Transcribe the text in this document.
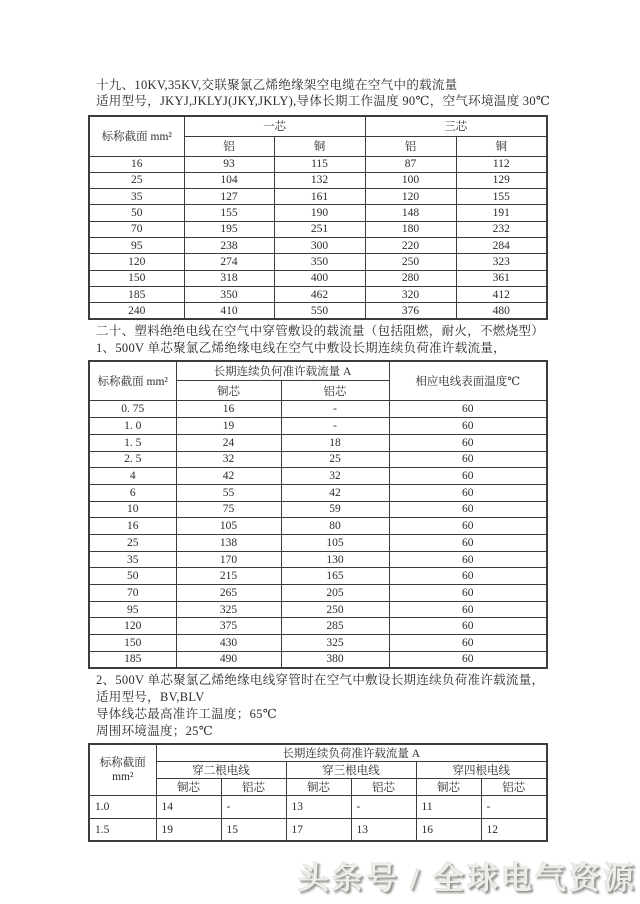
十九、10KV,35KV,交联聚氯乙烯绝缘架空电缆在空气中的载流量

适用型号，JKYJ,JKLYJ(JKY,JKLY),导体长期工作温度 90℃，空气环境温度 30℃

标称截面 mm²	一芯		三芯	
	铝	铜	铝	铜
16	93	115	87	112
25	104	132	100	129
35	127	161	120	155
50	155	190	148	191
70	195	251	180	232
95	238	300	220	284
120	274	350	250	323
150	318	400	280	361
185	350	462	320	412
240	410	550	376	480

二十、塑料绝绝电线在空气中穿管敷设的载流量（包括阻燃，耐火，不燃烧型）

1、500V 单芯聚氯乙烯绝缘电线在空气中敷设长期连续负荷准许载流量，

标称截面 mm²	长期连续负何准许载流量 A		相应电线表面温度℃
	铜芯	铝芯	
0. 75	16	-	60
1. 0	19	-	60
1. 5	24	18	60
2. 5	32	25	60
4	42	32	60
6	55	42	60
10	75	59	60
16	105	80	60
25	138	105	60
35	170	130	60
50	215	165	60
70	265	205	60
95	325	250	60
120	375	285	60
150	430	325	60
185	490	380	60

2、500V 单芯聚氯乙烯绝缘电线穿管时在空气中敷设长期连续负荷准许载流量，

适用型号，BV,BLV

导体线芯最高准许工温度；65℃

周围环境温度；25℃

标称截面 mm²	长期连续负荷准许载流量 A					
	穿二根电线		穿三根电线		穿四根电线	
	铜芯	铝芯	铜芯	铝芯	铜芯	铝芯
1.0	14	-	13	-	11	-
1.5	19	15	17	13	16	12
头条号 / 全球电气资源
